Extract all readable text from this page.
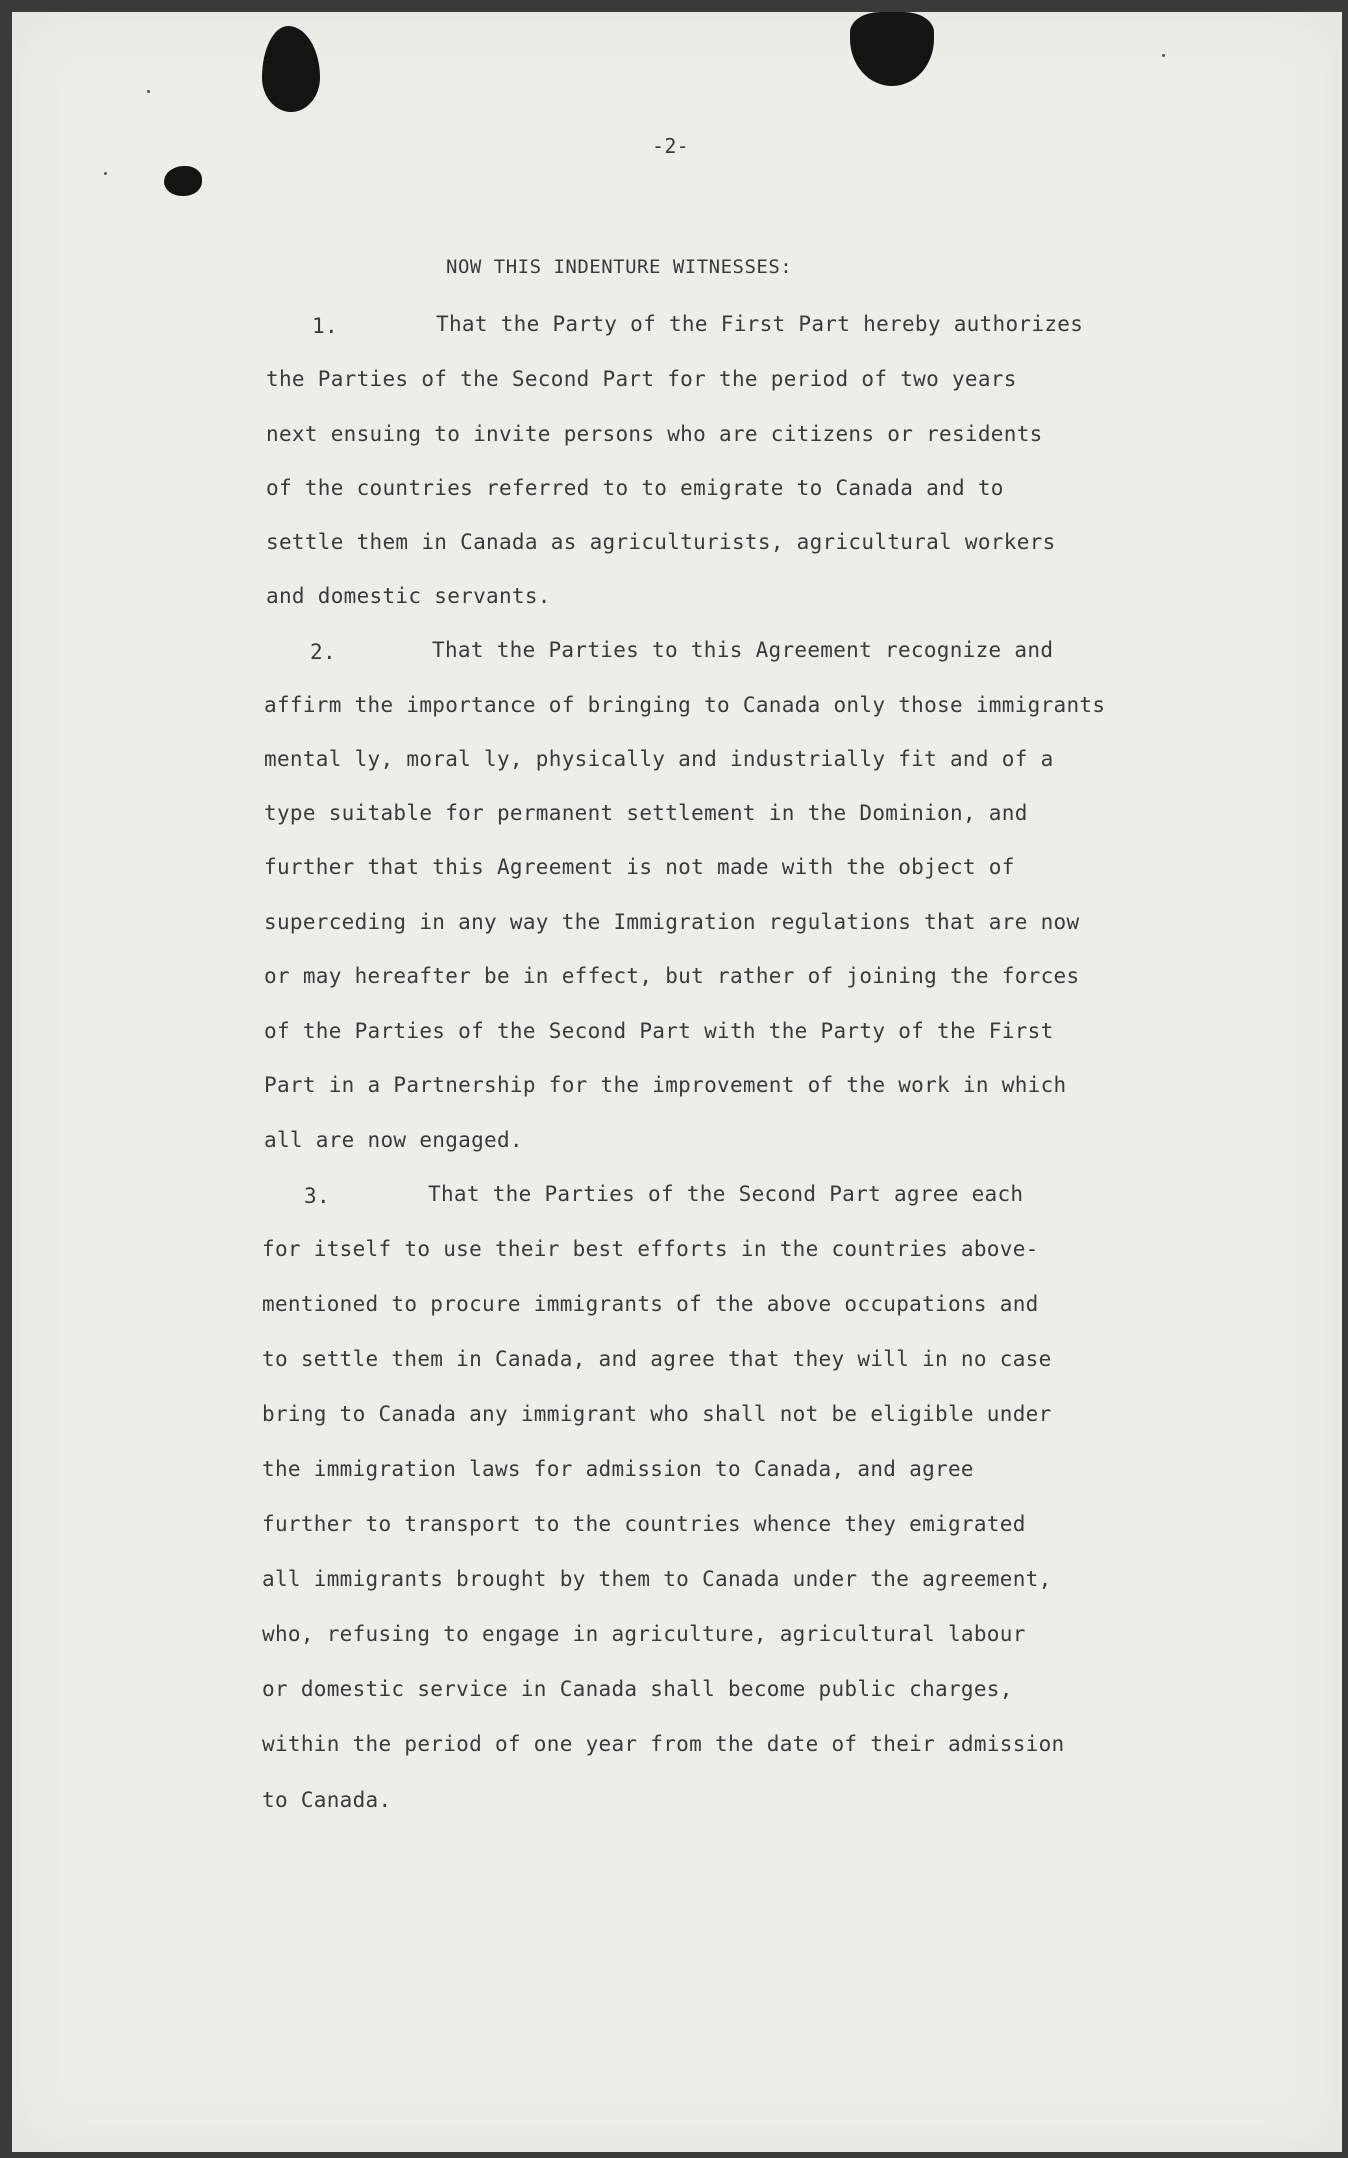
-2-
NOW THIS INDENTURE WITNESSES:
1.	That the Party of the First Part hereby authorizes
the Parties of the Second Part for the period of two years
next ensuing to invite persons who are citizens or residents
of the countries referred to to emigrate to Canada and to
settle them in Canada as agriculturists, agricultural workers
and domestic servants.
2.	That the Parties to this Agreement recognize and
affirm the importance of bringing to Canada only those immigrants
mental ly, moral ly, physically and industrially fit and of a
type suitable for permanent settlement in the Dominion, and
further that this Agreement is not made with the object of
superceding in any way the Immigration regulations that are now
or may hereafter be in effect, but rather of joining the forces
of the Parties of the Second Part with the Party of the First
Part in a Partnership for the improvement of the work in which
all are now engaged.
3.	That the Parties of the Second Part agree each
for itself to use their best efforts in the countries above-
mentioned to procure immigrants of the above occupations and
to settle them in Canada, and agree that they will in no case
bring to Canada any immigrant who shall not be eligible under
the immigration laws for admission to Canada, and agree
further to transport to the countries whence they emigrated
all immigrants brought by them to Canada under the agreement,
who, refusing to engage in agriculture, agricultural labour
or domestic service in Canada shall become public charges,
within the period of one year from the date of their admission
to Canada.
